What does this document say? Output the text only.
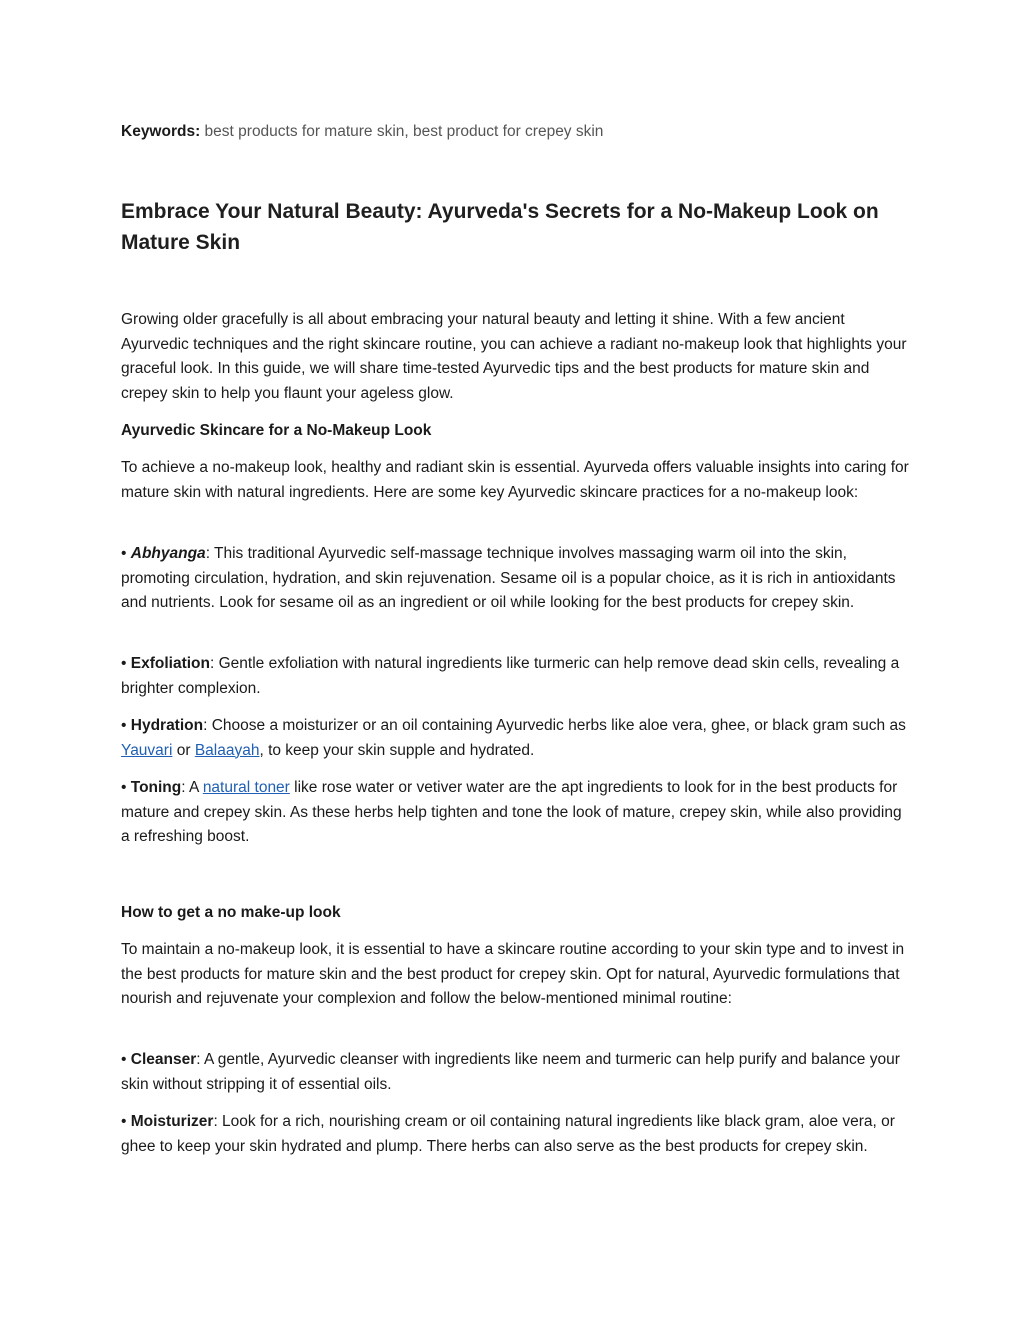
Keywords: best products for mature skin, best product for crepey skin
Embrace Your Natural Beauty: Ayurveda's Secrets for a No-Makeup Look on Mature Skin

Growing older gracefully is all about embracing your natural beauty and letting it shine. With a few ancient Ayurvedic techniques and the right skincare routine, you can achieve a radiant no-makeup look that highlights your graceful look. In this guide, we will share time-tested Ayurvedic tips and the best products for mature skin and crepey skin to help you flaunt your ageless glow.

Ayurvedic Skincare for a No-Makeup Look

To achieve a no-makeup look, healthy and radiant skin is essential. Ayurveda offers valuable insights into caring for mature skin with natural ingredients. Here are some key Ayurvedic skincare practices for a no-makeup look:

• Abhyanga: This traditional Ayurvedic self-massage technique involves massaging warm oil into the skin, promoting circulation, hydration, and skin rejuvenation. Sesame oil is a popular choice, as it is rich in antioxidants and nutrients. Look for sesame oil as an ingredient or oil while looking for the best products for crepey skin.

• Exfoliation: Gentle exfoliation with natural ingredients like turmeric can help remove dead skin cells, revealing a brighter complexion.

• Hydration: Choose a moisturizer or an oil containing Ayurvedic herbs like aloe vera, ghee, or black gram such as Yauvari or Balaayah, to keep your skin supple and hydrated.

• Toning: A natural toner like rose water or vetiver water are the apt ingredients to look for in the best products for mature and crepey skin. As these herbs help tighten and tone the look of mature, crepey skin, while also providing a refreshing boost.

How to get a no make-up look

To maintain a no-makeup look, it is essential to have a skincare routine according to your skin type and to invest in the best products for mature skin and the best product for crepey skin. Opt for natural, Ayurvedic formulations that nourish and rejuvenate your complexion and follow the below-mentioned minimal routine:

• Cleanser: A gentle, Ayurvedic cleanser with ingredients like neem and turmeric can help purify and balance your skin without stripping it of essential oils.

• Moisturizer: Look for a rich, nourishing cream or oil containing natural ingredients like black gram, aloe vera, or ghee to keep your skin hydrated and plump. There herbs can also serve as the best products for crepey skin.
